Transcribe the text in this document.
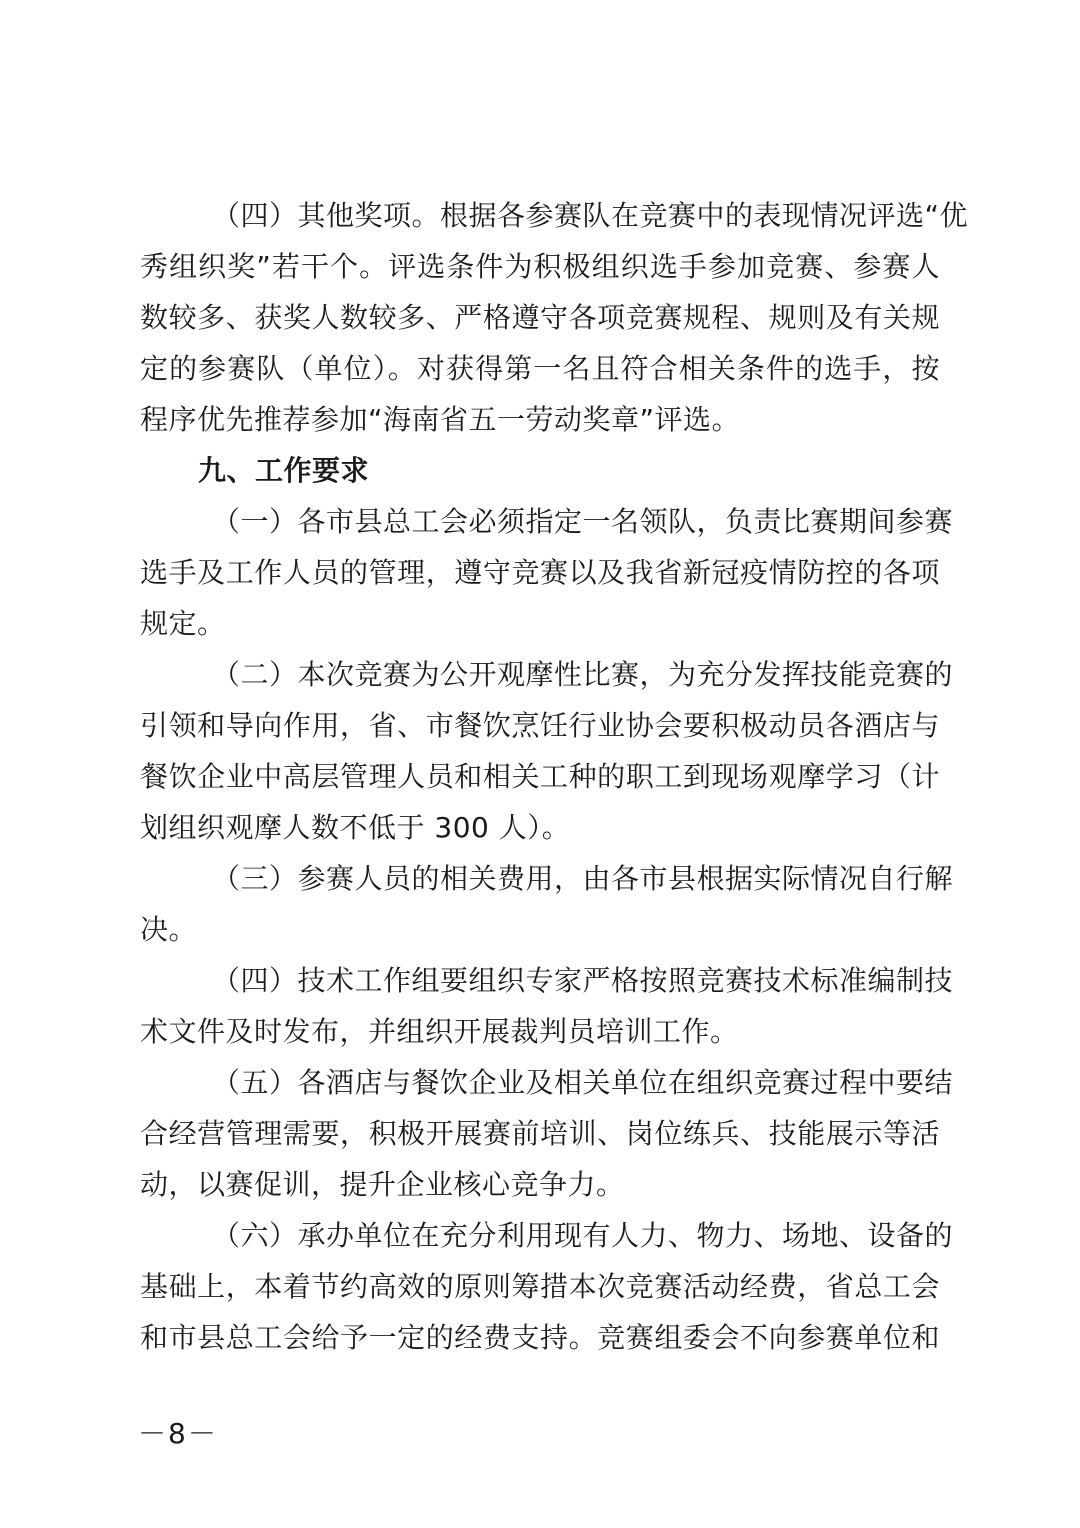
（四）其他奖项。根据各参赛队在竞赛中的表现情况评选“优
秀组织奖”若干个。评选条件为积极组织选手参加竞赛、参赛人
数较多、获奖人数较多、严格遵守各项竞赛规程、规则及有关规
定的参赛队（单位）。对获得第一名且符合相关条件的选手，按
程序优先推荐参加“海南省五一劳动奖章”评选。
九、工作要求
（一）各市县总工会必须指定一名领队，负责比赛期间参赛
选手及工作人员的管理，遵守竞赛以及我省新冠疫情防控的各项
规定。
（二）本次竞赛为公开观摩性比赛，为充分发挥技能竞赛的
引领和导向作用，省、市餐饮烹饪行业协会要积极动员各酒店与
餐饮企业中高层管理人员和相关工种的职工到现场观摩学习（计
划组织观摩人数不低于 300 人）。
（三）参赛人员的相关费用，由各市县根据实际情况自行解
决。
（四）技术工作组要组织专家严格按照竞赛技术标准编制技
术文件及时发布，并组织开展裁判员培训工作。
（五）各酒店与餐饮企业及相关单位在组织竞赛过程中要结
合经营管理需要，积极开展赛前培训、岗位练兵、技能展示等活
动，以赛促训，提升企业核心竞争力。
（六）承办单位在充分利用现有人力、物力、场地、设备的
基础上，本着节约高效的原则筹措本次竞赛活动经费，省总工会
和市县总工会给予一定的经费支持。竞赛组委会不向参赛单位和
－8－
